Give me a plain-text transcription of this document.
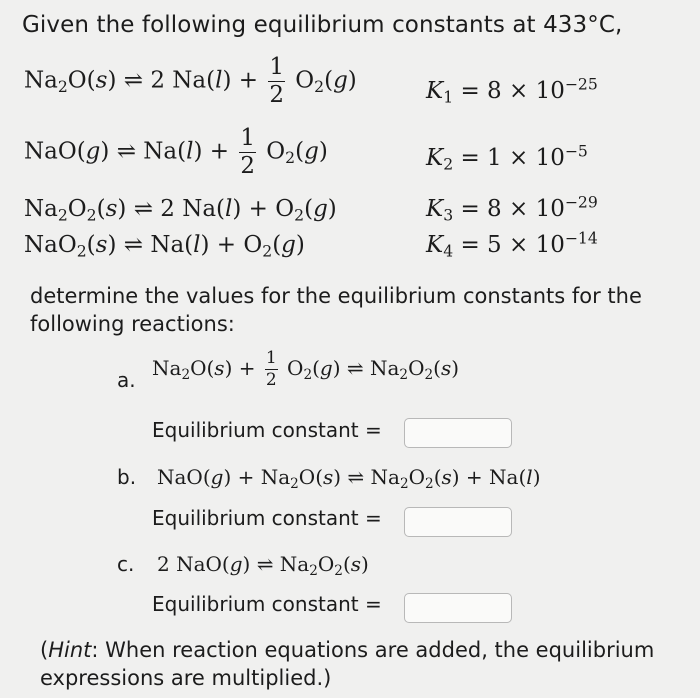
Given the following equilibrium constants at 433°C,
$Na_2O(s)$ ⇌ 2 $Na(l) + \frac{1}{2} O_2(g)$	$K_1 = 8 \times 10^{-25}$
NaO(g) ⇌ $Na(l) + \frac{1}{2} O_2(g)$	$K_2 = 1 \times 10^{-5}$
$Na_2O_2(s)$ ⇌ 2 $Na(l) + O_2(g)$	$K_3 = 8 \times 10^{-29}$
NaO$_2$(s) ⇌ $Na(l) + O_2(g)$	$K_4 = 5 \times 10^{-14}$
determine the values for the equilibrium constants for the following reactions:
a. $Na_2O(s) + \frac{1}{2} O_2(g)$ ⇌ $Na_2O_2(s)$
Equilibrium constant =
b. $NaO(g) + Na_2O(s)$ ⇌ $Na_2O_2(s) + Na(l)$
Equilibrium constant =
c. 2 NaO(g) ⇌ $Na_2O_2(s)$
Equilibrium constant =
(Hint: When reaction equations are added, the equilibrium expressions are multiplied.)
